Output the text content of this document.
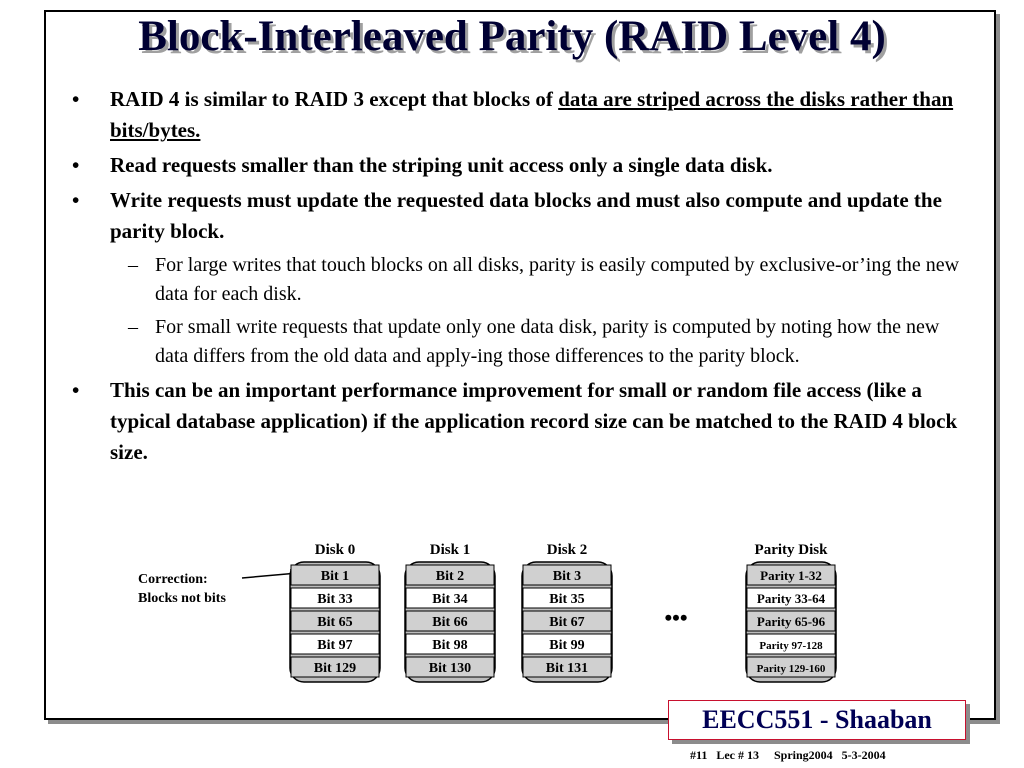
Block-Interleaved Parity (RAID Level 4)
• RAID 4 is similar to RAID 3 except that blocks of data are striped across the disks rather than bits/bytes.
• Read requests smaller than the striping unit access only a single data disk.
• Write requests must update the requested data blocks and must also compute and update the parity block.
– For large writes that touch blocks on all disks, parity is easily computed by exclusive-or’ing the new data for each disk.
– For small write requests that update only one data disk, parity is computed by noting how the new data differs from the old data and apply-ing those differences to the parity block.
• This can be an important performance improvement for small or random file access (like a typical database application) if the application record size can be matched to the RAID 4 block size.
•••
Disk 0
Bit 1
Bit 33
Bit 65
Bit 97
Bit 129
Disk 1
Bit 2
Bit 34
Bit 66
Bit 98
Bit 130
Disk 2
Bit 3
Bit 35
Bit 67
Bit 99
Bit 131
Parity Disk
Parity 1-32
Parity 33-64
Parity 65-96
Parity 97-128
Parity 129-160
Correction:
Blocks not bits
EECC551 - Shaaban
#11   Lec # 13     Spring2004   5-3-2004
